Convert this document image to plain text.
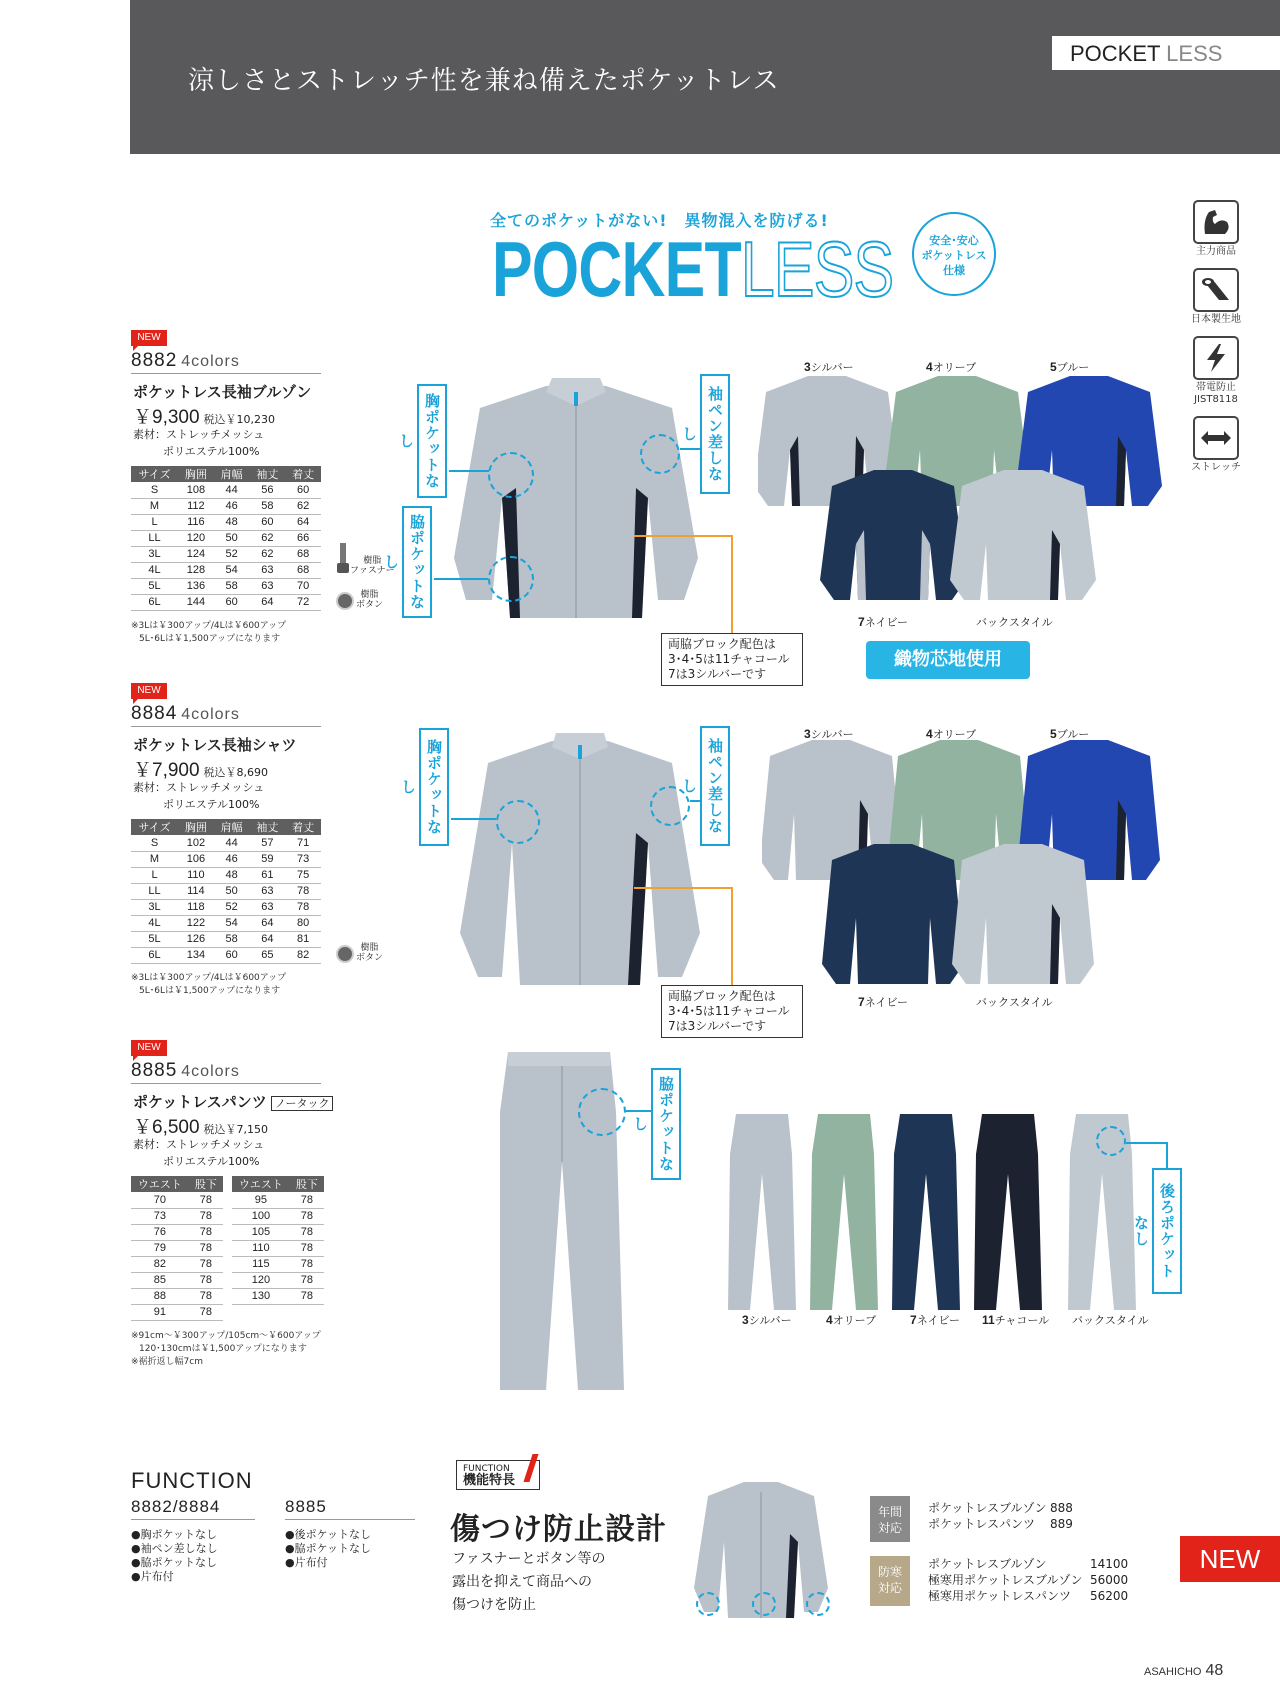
涼しさとストレッチ性を兼ね備えたポケットレス
POCKET LESS
全てのポケットがない!　異物混入を防げる!
POCKETLESS	安全･安心
ポケットレス
仕様
主力商品
日本製生地
帯電防止
JIST8118
ストレッチ
NEW
8882 4colors
ポケットレス長袖ブルゾン
￥9,300 税込￥10,230
素材：ストレッチメッシュ
ポリエステル100%
サイズ	胸囲	肩幅	袖丈	着丈
S	108	44	56	60
M	112	46	58	62
L	116	48	60	64
LL	120	50	62	66
3L	124	52	62	68
4L	128	54	63	68
5L	136	58	63	70
6L	144	60	64	72
※3Lは￥300アップ/4Lは￥600アップ
5L･6Lは￥1,500アップになります
樹脂
ファスナー
樹脂
ボタン
胸ポケットなし
脇ポケットなし
袖ペン差しなし
両脇ブロック配色は
3･4･5は11チャコール
7は3シルバーです
3シルバー	4オリーブ	5ブルー
7ネイビー	バックスタイル
織物芯地使用
NEW
8884 4colors
ポケットレス長袖シャツ
￥7,900 税込￥8,690
素材：ストレッチメッシュ
ポリエステル100%
サイズ	胸囲	肩幅	袖丈	着丈
S	102	44	57	71
M	106	46	59	73
L	110	48	61	75
LL	114	50	63	78
3L	118	52	63	78
4L	122	54	64	80
5L	126	58	64	81
6L	134	60	65	82
※3Lは￥300アップ/4Lは￥600アップ
5L･6Lは￥1,500アップになります
樹脂
ボタン
胸ポケットなし	袖ペン差しなし
両脇ブロック配色は
3･4･5は11チャコール
7は3シルバーです
3シルバー	4オリーブ	5ブルー
7ネイビー	バックスタイル
NEW
8885 4colors
ポケットレスパンツ ノータック
￥6,500 税込￥7,150
素材：ストレッチメッシュ
ポリエステル100%
ウエスト	股下
70	78
73	78
76	78
79	78
82	78
85	78
88	78
91	78
ウエスト	股下
95	78
100	78
105	78
110	78
115	78
120	78
130	78
※91cm～￥300アップ/105cm～￥600アップ
120･130cmは￥1,500アップになります
※裾折返し幅7cm
脇ポケットなし
後ろポケットなし
3シルバー	4オリーブ	7ネイビー 11チャコール バックスタイル
FUNCTION
8882/8884
●胸ポケットなし
●袖ペン差しなし
●脇ポケットなし
●片布付
8885
●後ポケットなし
●脇ポケットなし
●片布付
FUNCTION
機能特長
傷つけ防止設計
ファスナーとボタン等の
露出を抑えて商品への
傷つけを防止
年間
対応
ポケットレスブルゾン 888
ポケットレスパンツ 889
防寒
対応
ポケットレスブルゾン	14100
極寒用ポケットレスブルゾン 56000
極寒用ポケットレスパンツ 56200
NEW
ASAHICHO 48
